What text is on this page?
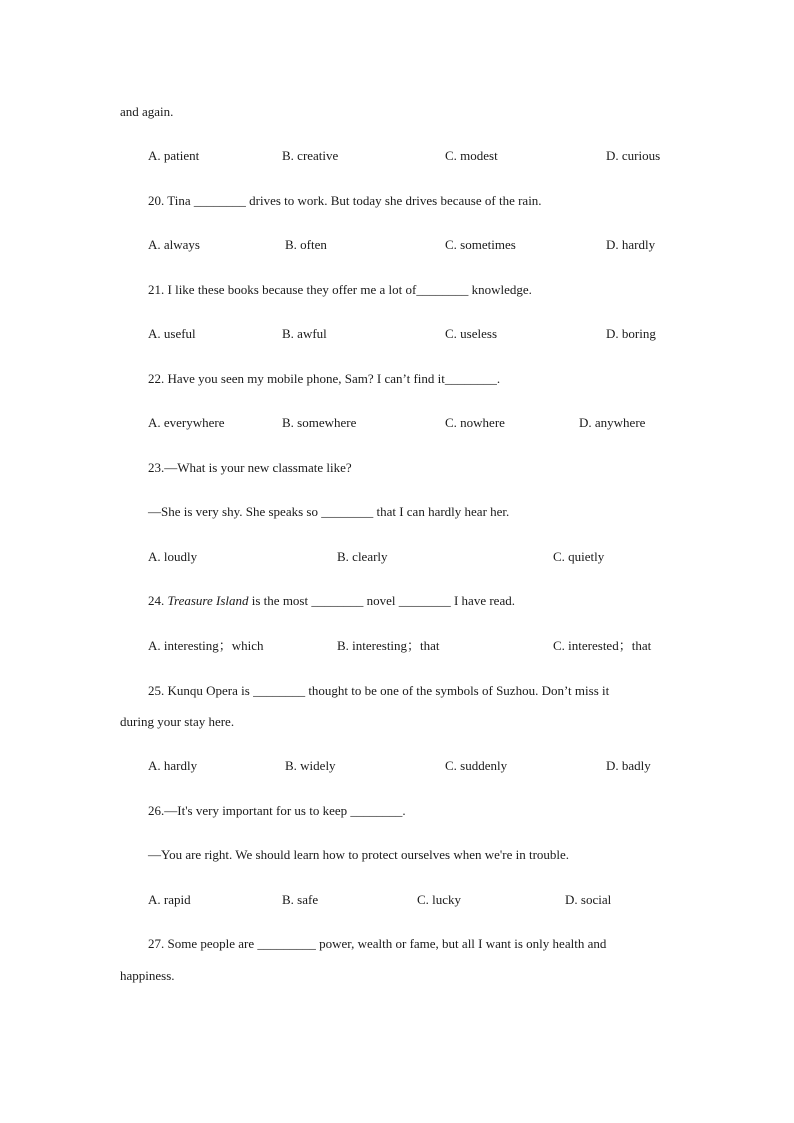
and again.
A. patient	B. creative	C. modest	D. curious
20. Tina ________ drives to work. But today she drives because of the rain.
A. always	B. often	C. sometimes	D. hardly
21. I like these books because they offer me a lot of________ knowledge.
A. useful	B. awful	C. useless	D. boring
22. Have you seen my mobile phone, Sam? I can’t find it________.
A. everywhere	B. somewhere	C. nowhere	D. anywhere
23.—What is your new classmate like?
—She is very shy. She speaks so ________ that I can hardly hear her.
A. loudly	B. clearly	C. quietly
24. Treasure Island is the most ________ novel ________ I have read.
A. interesting；which	B. interesting；that	C. interested；that
25. Kunqu Opera is ________ thought to be one of the symbols of Suzhou. Don’t miss it
during your stay here.
A. hardly	B. widely	C. suddenly	D. badly
26.—It's very important for us to keep ________.
—You are right. We should learn how to protect ourselves when we're in trouble.
A. rapid	B. safe	C. lucky	D. social
27. Some people are _________ power, wealth or fame, but all I want is only health and
happiness.
